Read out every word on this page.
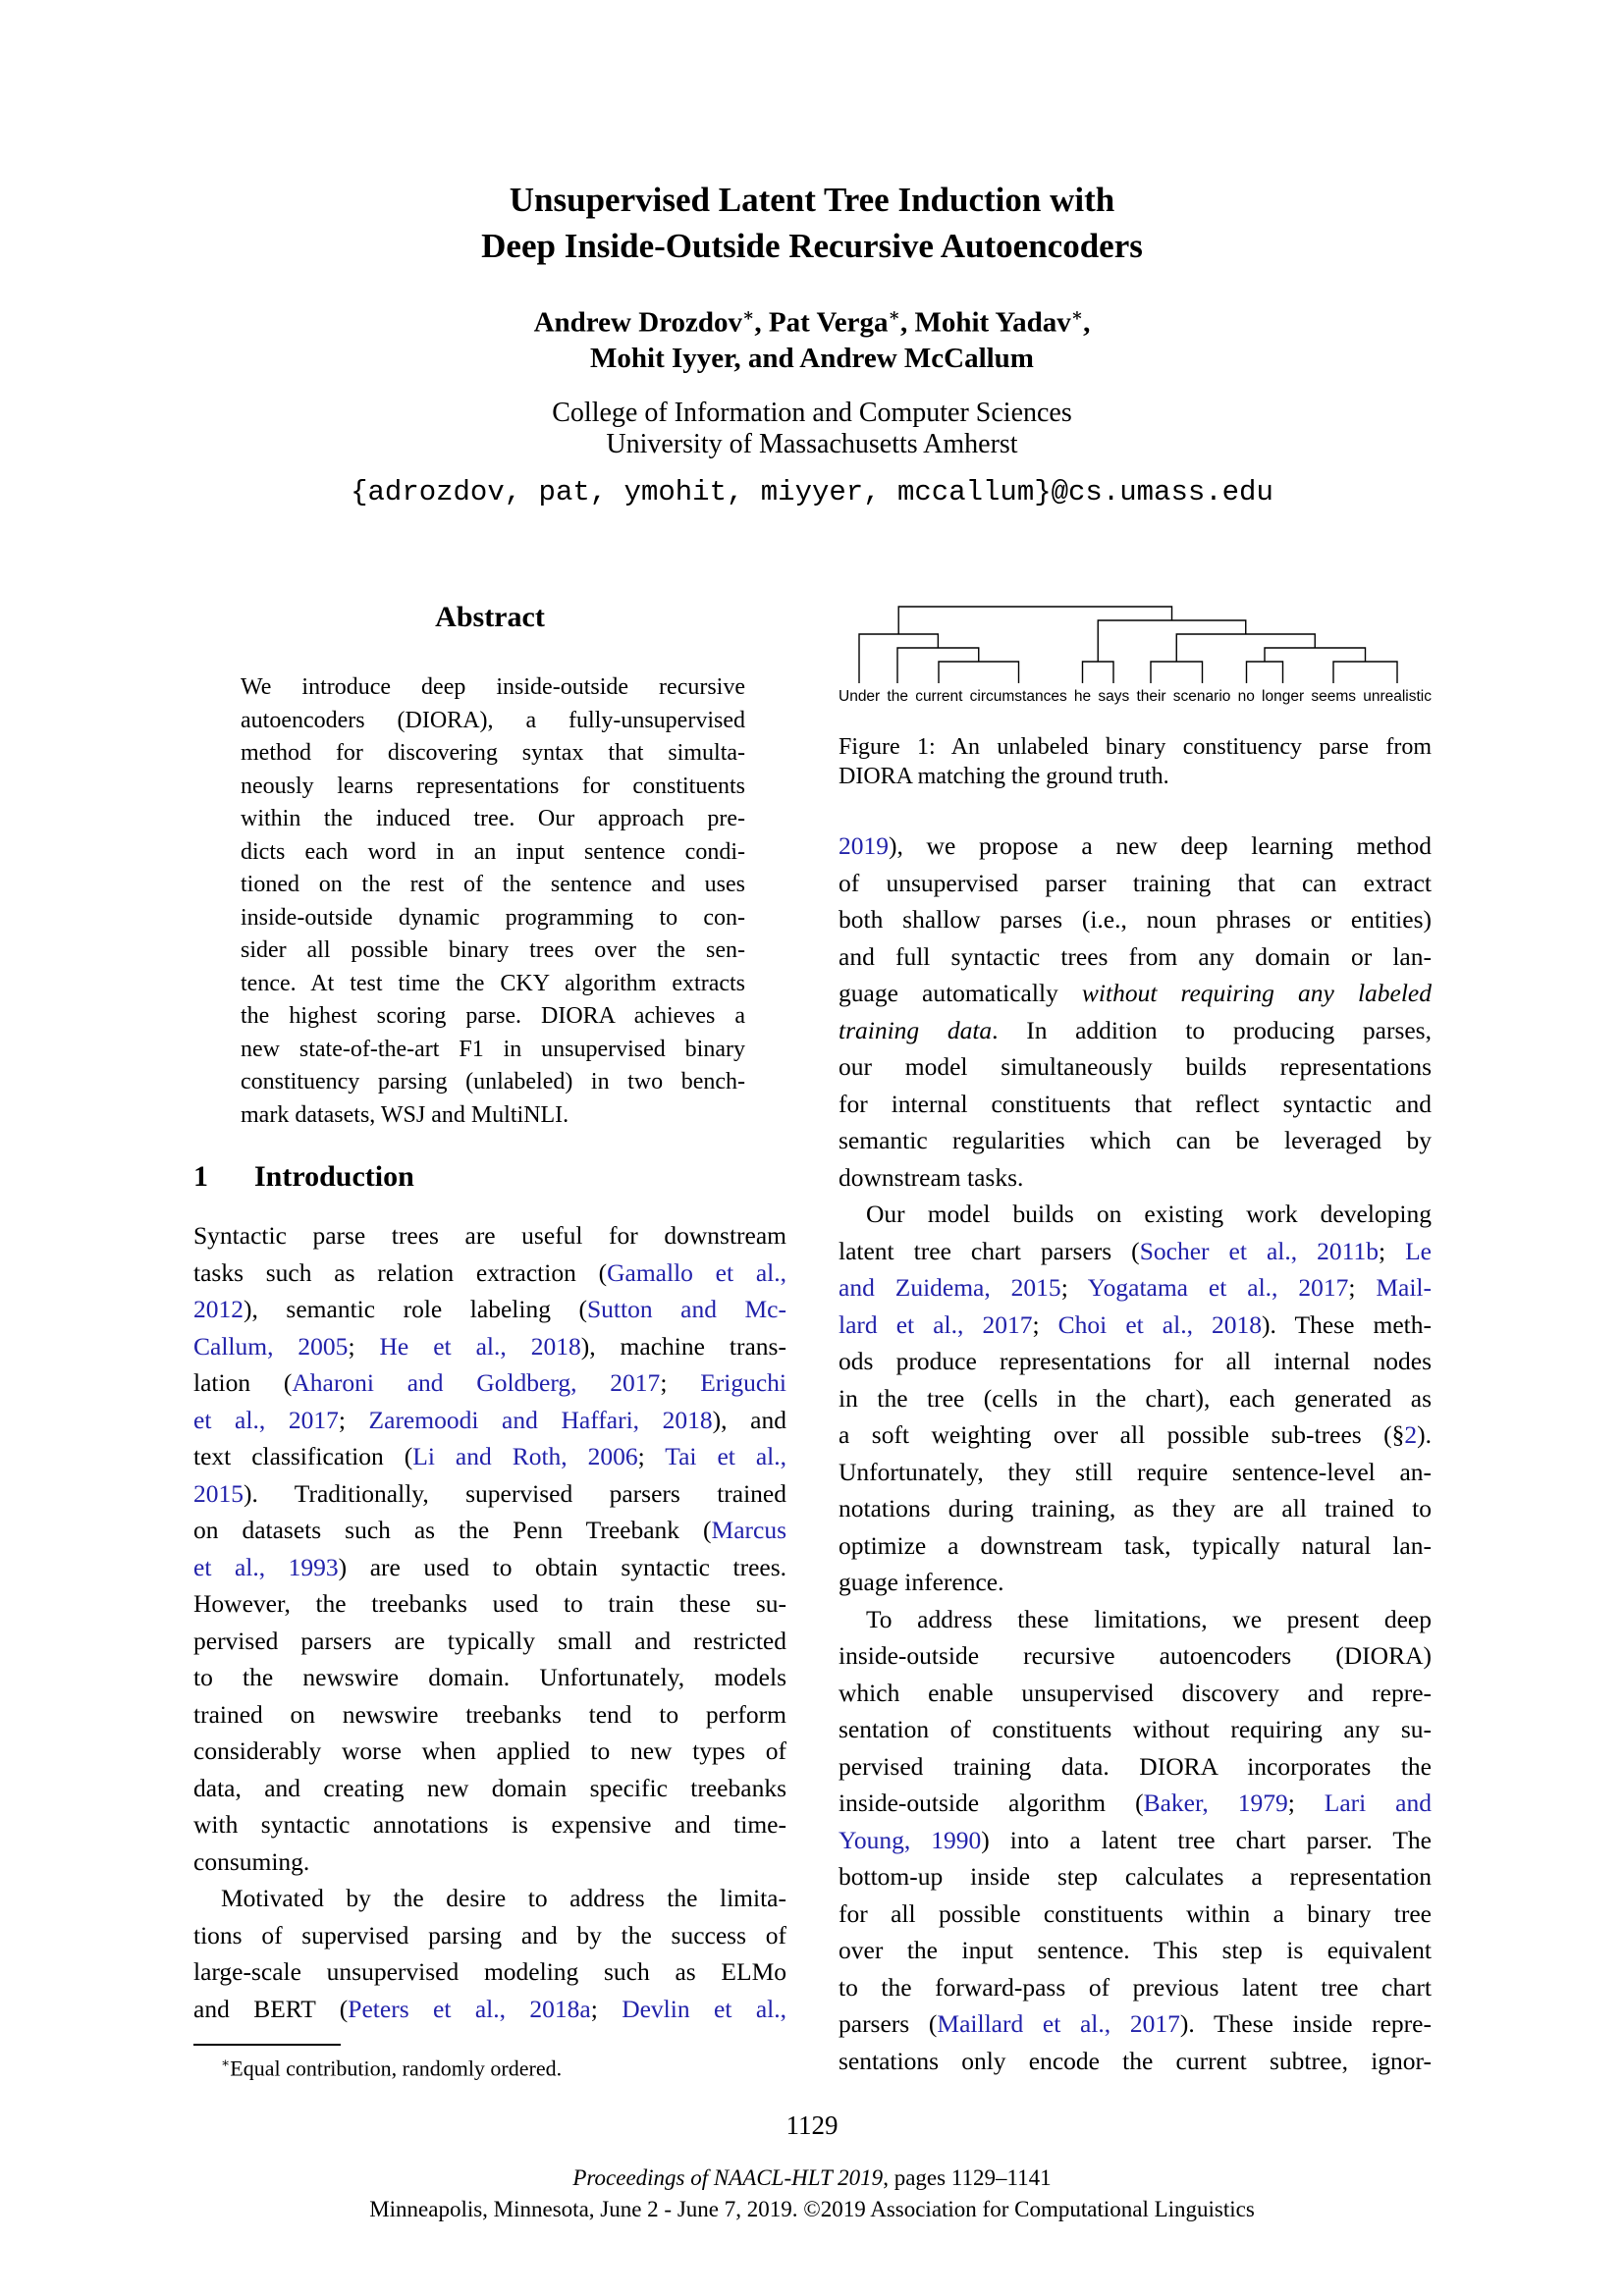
Unsupervised Latent Tree Induction with
Deep Inside-Outside Recursive Autoencoders
Andrew Drozdov∗, Pat Verga∗, Mohit Yadav∗,
Mohit Iyyer, and Andrew McCallum
College of Information and Computer Sciences
University of Massachusetts Amherst
{adrozdov, pat, ymohit, miyyer, mccallum}@cs.umass.edu
Abstract
We introduce deep inside-outside recursive
autoencoders (DIORA), a fully-unsupervised
method for discovering syntax that simulta-
neously learns representations for constituents
within the induced tree. Our approach pre-
dicts each word in an input sentence condi-
tioned on the rest of the sentence and uses
inside-outside dynamic programming to con-
sider all possible binary trees over the sen-
tence. At test time the CKY algorithm extracts
the highest scoring parse. DIORA achieves a
new state-of-the-art F1 in unsupervised binary
constituency parsing (unlabeled) in two bench-
mark datasets, WSJ and MultiNLI.
1 Introduction
Syntactic parse trees are useful for downstream
tasks such as relation extraction (Gamallo et al.,
2012), semantic role labeling (Sutton and Mc-
Callum, 2005; He et al., 2018), machine trans-
lation (Aharoni and Goldberg, 2017; Eriguchi
et al., 2017; Zaremoodi and Haffari, 2018), and
text classification (Li and Roth, 2006; Tai et al.,
2015). Traditionally, supervised parsers trained
on datasets such as the Penn Treebank (Marcus
et al., 1993) are used to obtain syntactic trees.
However, the treebanks used to train these su-
pervised parsers are typically small and restricted
to the newswire domain. Unfortunately, models
trained on newswire treebanks tend to perform
considerably worse when applied to new types of
data, and creating new domain specific treebanks
with syntactic annotations is expensive and time-
consuming.
Motivated by the desire to address the limita-
tions of supervised parsing and by the success of
large-scale unsupervised modeling such as ELMo
and BERT (Peters et al., 2018a; Devlin et al.,
∗Equal contribution, randomly ordered.
Under the current circumstances he says their scenario no longer seems unrealistic
Figure 1: An unlabeled binary constituency parse from
DIORA matching the ground truth.
2019), we propose a new deep learning method
of unsupervised parser training that can extract
both shallow parses (i.e., noun phrases or entities)
and full syntactic trees from any domain or lan-
guage automatically without requiring any labeled
training data. In addition to producing parses,
our model simultaneously builds representations
for internal constituents that reflect syntactic and
semantic regularities which can be leveraged by
downstream tasks.
Our model builds on existing work developing
latent tree chart parsers (Socher et al., 2011b; Le
and Zuidema, 2015; Yogatama et al., 2017; Mail-
lard et al., 2017; Choi et al., 2018). These meth-
ods produce representations for all internal nodes
in the tree (cells in the chart), each generated as
a soft weighting over all possible sub-trees (§2).
Unfortunately, they still require sentence-level an-
notations during training, as they are all trained to
optimize a downstream task, typically natural lan-
guage inference.
To address these limitations, we present deep
inside-outside recursive autoencoders (DIORA)
which enable unsupervised discovery and repre-
sentation of constituents without requiring any su-
pervised training data. DIORA incorporates the
inside-outside algorithm (Baker, 1979; Lari and
Young, 1990) into a latent tree chart parser. The
bottom-up inside step calculates a representation
for all possible constituents within a binary tree
over the input sentence. This step is equivalent
to the forward-pass of previous latent tree chart
parsers (Maillard et al., 2017). These inside repre-
sentations only encode the current subtree, ignor-
1129
Proceedings of NAACL-HLT 2019, pages 1129–1141
Minneapolis, Minnesota, June 2 - June 7, 2019. ©2019 Association for Computational Linguistics
